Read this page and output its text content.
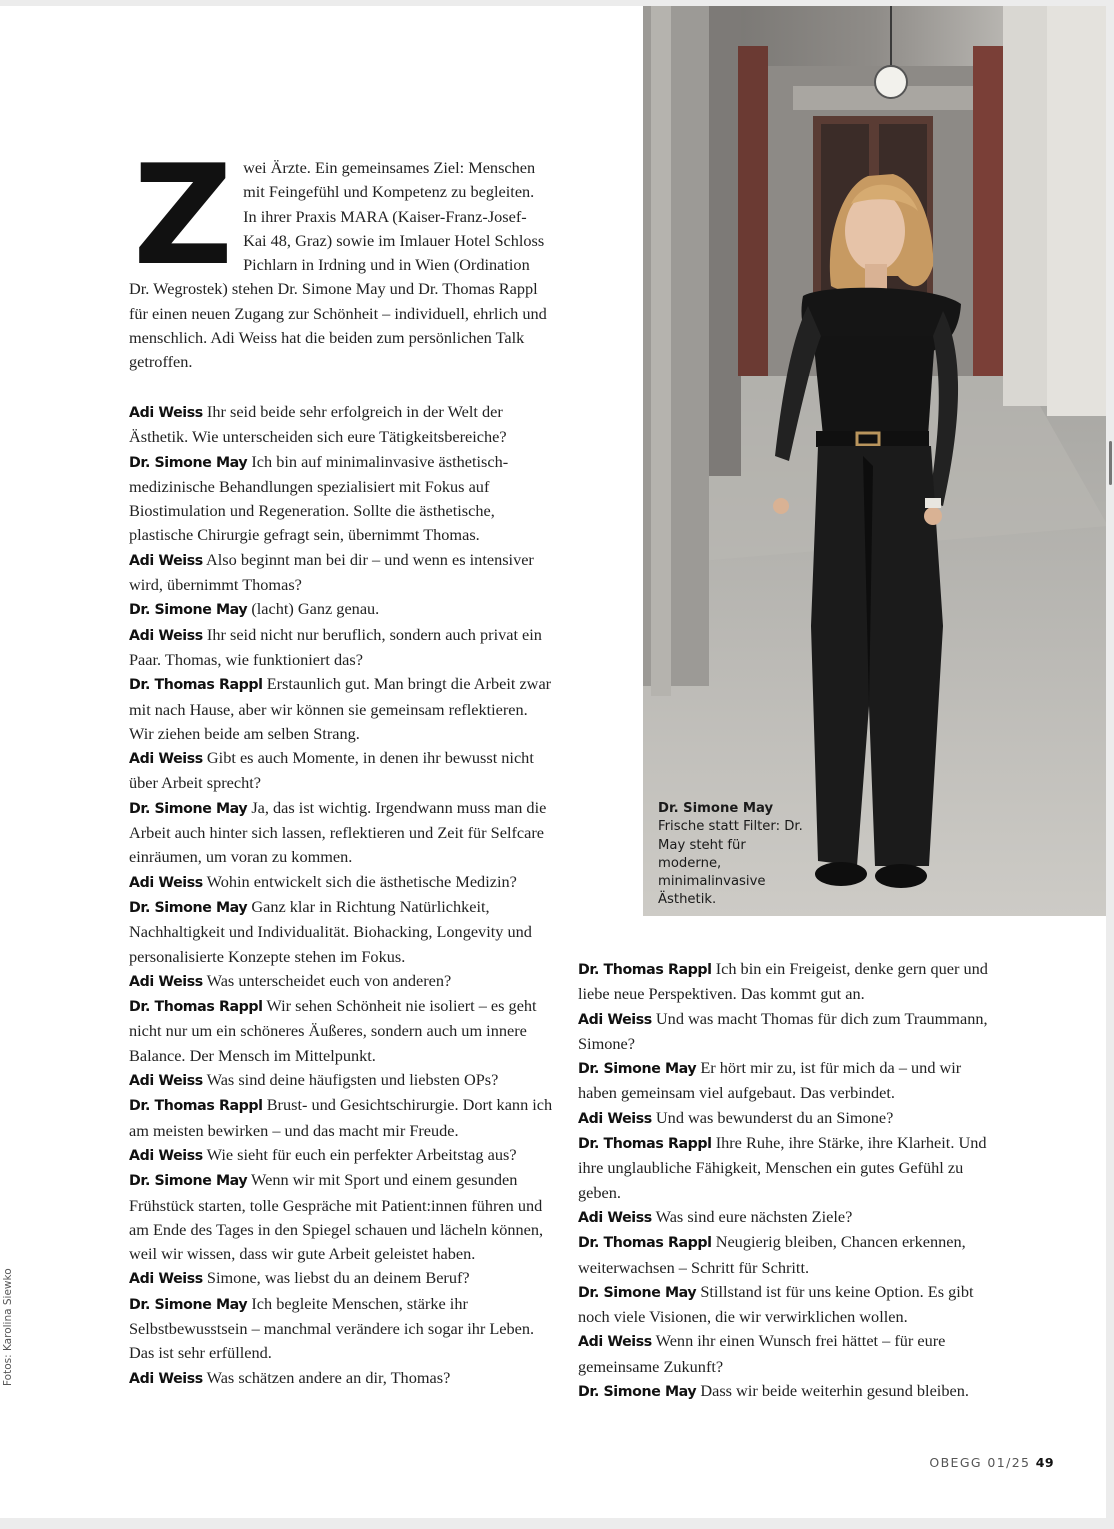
Dr. Simone May
Frische statt Filter: Dr. May steht für moderne, minimalinvasive Ästhetik.
Z wei Ärzte. Ein gemeinsames Ziel: Menschen mit Feingefühl und Kompetenz zu begleiten. In ihrer Praxis MARA (Kaiser-Franz-Josef-Kai 48, Graz) sowie im Imlauer Hotel Schloss Pichlarn in Irdning und in Wien (Ordination Dr. Wegrostek) stehen Dr. Simone May und Dr. Thomas Rappl für einen neuen Zugang zur Schönheit – individuell, ehrlich und menschlich. Adi Weiss hat die beiden zum persönlichen Talk getroffen.

Adi Weiss Ihr seid beide sehr erfolgreich in der Welt der Ästhetik. Wie unterscheiden sich eure Tätigkeitsbereiche?

Dr. Simone May Ich bin auf minimalinvasive ästhetisch-medizinische Behandlungen spezialisiert mit Fokus auf Biostimulation und Regeneration. Sollte die ästhetische, plastische Chirurgie gefragt sein, übernimmt Thomas.

Adi Weiss Also beginnt man bei dir – und wenn es intensiver wird, übernimmt Thomas?

Dr. Simone May (lacht) Ganz genau.

Adi Weiss Ihr seid nicht nur beruflich, sondern auch privat ein Paar. Thomas, wie funktioniert das?

Dr. Thomas Rappl Erstaunlich gut. Man bringt die Arbeit zwar mit nach Hause, aber wir können sie gemeinsam reflektieren. Wir ziehen beide am selben Strang.

Adi Weiss Gibt es auch Momente, in denen ihr bewusst nicht über Arbeit sprecht?

Dr. Simone May Ja, das ist wichtig. Irgendwann muss man die Arbeit auch hinter sich lassen, reflektieren und Zeit für Selfcare einräumen, um voran zu kommen.

Adi Weiss Wohin entwickelt sich die ästhetische Medizin?

Dr. Simone May Ganz klar in Richtung Natürlichkeit, Nachhaltigkeit und Individualität. Biohacking, Longevity und personalisierte Konzepte stehen im Fokus.

Adi Weiss Was unterscheidet euch von anderen?

Dr. Thomas Rappl Wir sehen Schönheit nie isoliert – es geht nicht nur um ein schöneres Äußeres, sondern auch um innere Balance. Der Mensch im Mittelpunkt.

Adi Weiss Was sind deine häufigsten und liebsten OPs?

Dr. Thomas Rappl Brust- und Gesichtschirurgie. Dort kann ich am meisten bewirken – und das macht mir Freude.

Adi Weiss Wie sieht für euch ein perfekter Arbeitstag aus?

Dr. Simone May Wenn wir mit Sport und einem gesunden Frühstück starten, tolle Gespräche mit Patient:innen führen und am Ende des Tages in den Spiegel schauen und lächeln können, weil wir wissen, dass wir gute Arbeit geleistet haben.

Adi Weiss Simone, was liebst du an deinem Beruf?

Dr. Simone May Ich begleite Menschen, stärke ihr Selbstbewusstsein – manchmal verändere ich sogar ihr Leben. Das ist sehr erfüllend.

Adi Weiss Was schätzen andere an dir, Thomas?

Dr. Thomas Rappl Ich bin ein Freigeist, denke gern quer und liebe neue Perspektiven. Das kommt gut an.

Adi Weiss Und was macht Thomas für dich zum Traummann, Simone?

Dr. Simone May Er hört mir zu, ist für mich da – und wir haben gemeinsam viel aufgebaut. Das verbindet.

Adi Weiss Und was bewunderst du an Simone?

Dr. Thomas Rappl Ihre Ruhe, ihre Stärke, ihre Klarheit. Und ihre unglaubliche Fähigkeit, Menschen ein gutes Gefühl zu geben.

Adi Weiss Was sind eure nächsten Ziele?

Dr. Thomas Rappl Neugierig bleiben, Chancen erkennen, weiterwachsen – Schritt für Schritt.

Dr. Simone May Stillstand ist für uns keine Option. Es gibt noch viele Visionen, die wir verwirklichen wollen.

Adi Weiss Wenn ihr einen Wunsch frei hättet – für eure gemeinsame Zukunft?

Dr. Simone May Dass wir beide weiterhin gesund bleiben.

Fotos: Karolina Siewko
OBEGG 01/25 49
